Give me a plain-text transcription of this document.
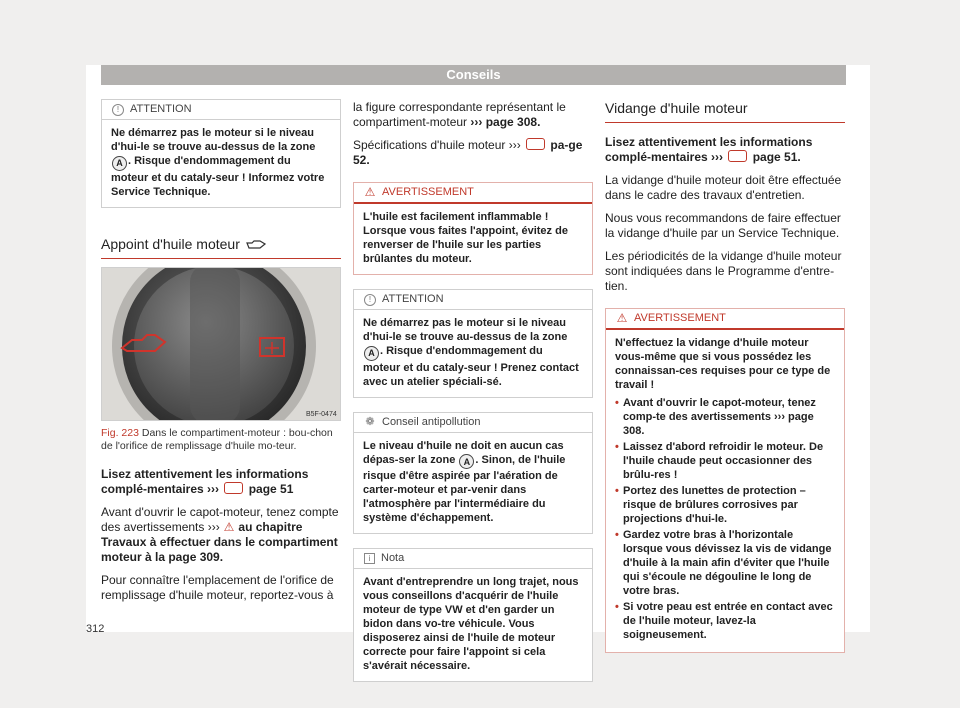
Conseils
! ATTENTION
Ne démarrez pas le moteur si le niveau d'hui-le se trouve au-dessus de la zone A . Risque d'endommagement du moteur et du cataly-seur ! Informez votre Service Technique.
Appoint d'huile moteur
B5F-0474
Fig. 223 Dans le compartiment-moteur : bou-chon de l'orifice de remplissage d'huile mo-teur.

Lisez attentivement les informations complé-mentaires ››› page 51

Avant d'ouvrir le capot-moteur, tenez compte des avertissements ››› ⚠ au chapitre Travaux à effectuer dans le compartiment moteur à la page 309.

Pour connaître l'emplacement de l'orifice de remplissage d'huile moteur, reportez-vous à

la figure correspondante représentant le compartiment-moteur ››› page 308.

Spécifications d'huile moteur ››› pa-ge 52.

⚠ AVERTISSEMENT
L'huile est facilement inflammable ! Lorsque vous faites l'appoint, évitez de renverser de l'huile sur les parties brûlantes du moteur.
! ATTENTION
Ne démarrez pas le moteur si le niveau d'hui-le se trouve au-dessus de la zone A . Risque d'endommagement du moteur et du cataly-seur ! Prenez contact avec un atelier spéciali-sé.
❁ Conseil antipollution
Le niveau d'huile ne doit en aucun cas dépas-ser la zone A . Sinon, de l'huile risque d'être aspirée par l'aération de carter-moteur et par-venir dans l'atmosphère par l'intermédiaire du système d'échappement.
i Nota
Avant d'entreprendre un long trajet, nous vous conseillons d'acquérir de l'huile moteur de type VW et d'en garder un bidon dans vo-tre véhicule. Vous disposerez ainsi de l'huile de moteur correcte pour faire l'appoint si cela s'avérait nécessaire.
Vidange d'huile moteur

Lisez attentivement les informations complé-mentaires ››› page 51.

La vidange d'huile moteur doit être effectuée dans le cadre des travaux d'entretien.

Nous vous recommandons de faire effectuer la vidange d'huile par un Service Technique.

Les périodicités de la vidange d'huile moteur sont indiquées dans le Programme d'entre-tien.

⚠ AVERTISSEMENT
N'effectuez la vidange d'huile moteur vous-même que si vous possédez les connaissan-ces requises pour ce type de travail !
• Avant d'ouvrir le capot-moteur, tenez comp-te des avertissements ››› page 308.
• Laissez d'abord refroidir le moteur. De l'huile chaude peut occasionner des brûlu-res !
• Portez des lunettes de protection – risque de brûlures corrosives par projections d'hui-le.
• Gardez votre bras à l'horizontale lorsque vous dévissez la vis de vidange d'huile à la main afin d'éviter que l'huile qui s'écoule ne dégouline le long de votre bras.
• Si votre peau est entrée en contact avec de l'huile moteur, lavez-la soigneusement.
312
